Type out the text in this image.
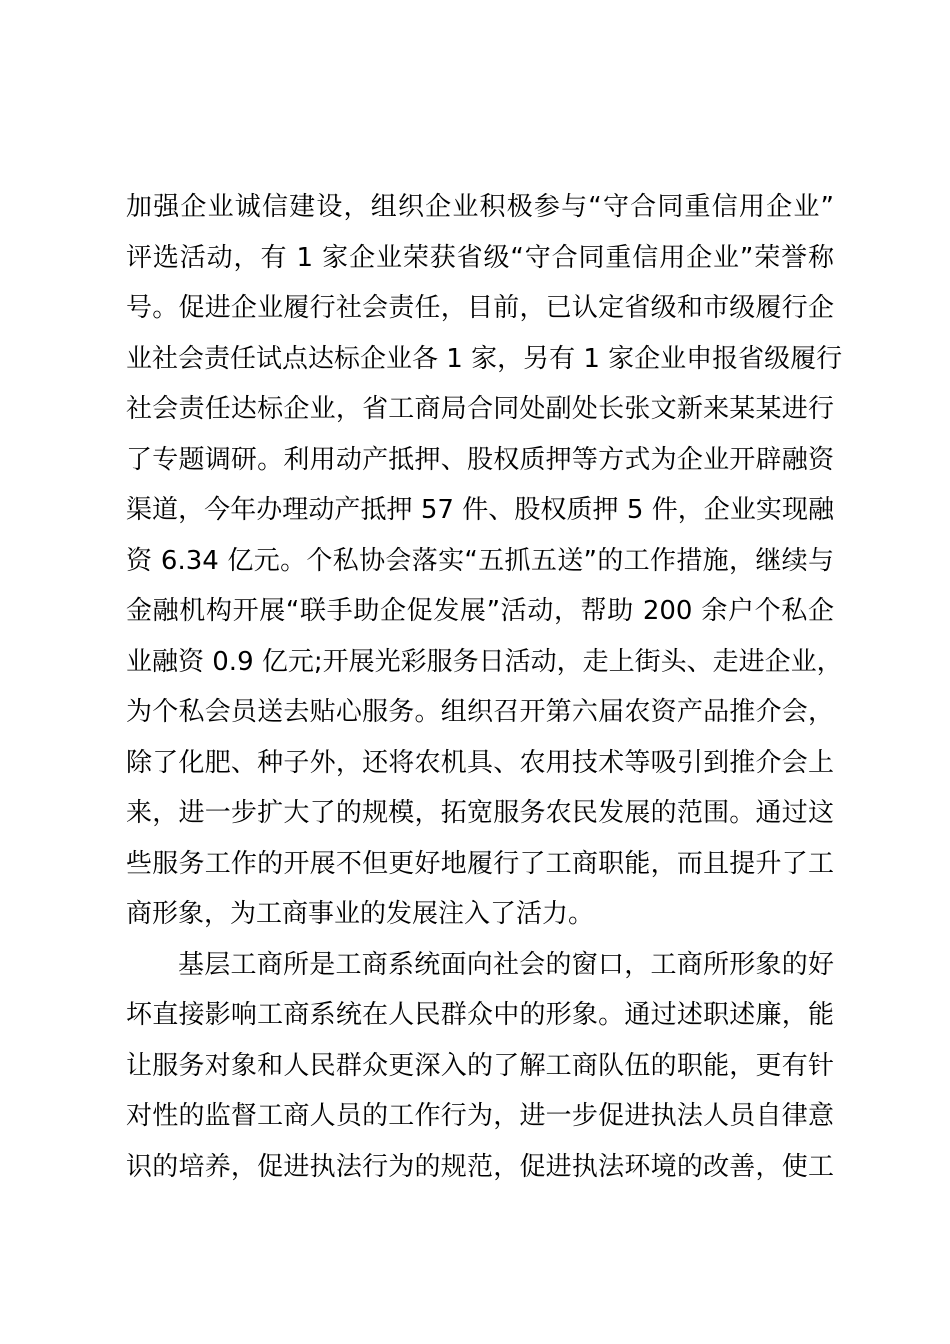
加强企业诚信建设，组织企业积极参与“守合同重信用企业”
评选活动，有 1 家企业荣获省级“守合同重信用企业”荣誉称
号。促进企业履行社会责任，目前，已认定省级和市级履行企
业社会责任试点达标企业各 1 家，另有 1 家企业申报省级履行
社会责任达标企业，省工商局合同处副处长张文新来某某进行
了专题调研。利用动产抵押、股权质押等方式为企业开辟融资
渠道，今年办理动产抵押 57 件、股权质押 5 件，企业实现融
资 6.34 亿元。个私协会落实“五抓五送”的工作措施，继续与
金融机构开展“联手助企促发展”活动，帮助 200 余户个私企
业融资 0.9 亿元;开展光彩服务日活动，走上街头、走进企业，
为个私会员送去贴心服务。组织召开第六届农资产品推介会，
除了化肥、种子外，还将农机具、农用技术等吸引到推介会上
来，进一步扩大了的规模，拓宽服务农民发展的范围。通过这
些服务工作的开展不但更好地履行了工商职能，而且提升了工
商形象，为工商事业的发展注入了活力。
基层工商所是工商系统面向社会的窗口，工商所形象的好
坏直接影响工商系统在人民群众中的形象。通过述职述廉，能
让服务对象和人民群众更深入的了解工商队伍的职能，更有针
对性的监督工商人员的工作行为，进一步促进执法人员自律意
识的培养，促进执法行为的规范，促进执法环境的改善，使工
